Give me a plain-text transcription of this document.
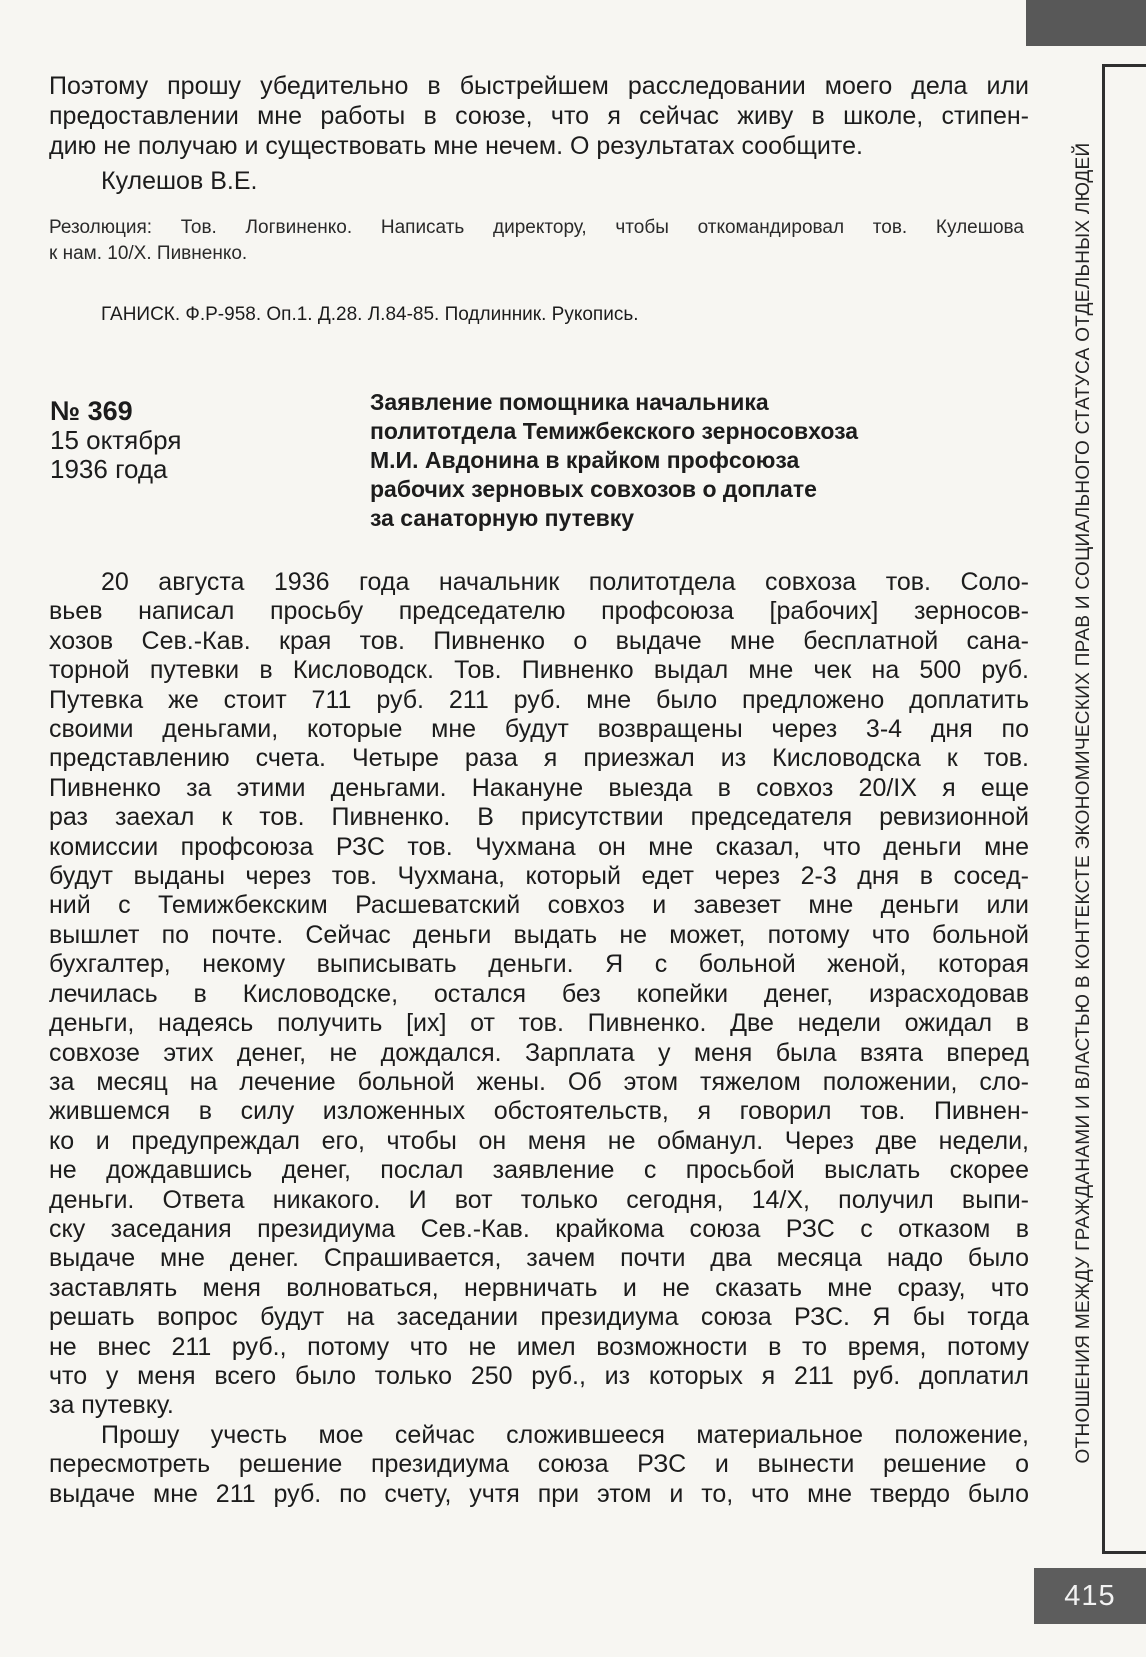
ОТНОШЕНИЯ МЕЖДУ ГРАЖДАНАМИ И ВЛАСТЬЮ В КОНТЕКСТЕ ЭКОНОМИЧЕСКИХ ПРАВ И СОЦИАЛЬНОГО СТАТУСА ОТДЕЛЬНЫХ ЛЮДЕЙ
415
Поэтому прошу убедительно в быстрейшем расследовании моего дела или
предоставлении мне работы в союзе, что я сейчас живу в школе, стипен-
дию не получаю и существовать мне нечем. О результатах сообщите.
Кулешов В.Е.
Резолюция: Тов. Логвиненко. Написать директору, чтобы откомандировал тов. Кулешова
к нам. 10/Х. Пивненко.
ГАНИСК. Ф.Р-958. Оп.1. Д.28. Л.84-85. Подлинник. Рукопись.
№ 369
15 октября
1936 года
Заявление помощника начальника
политотдела Темижбекского зерносовхоза
М.И. Авдонина в крайком профсоюза
рабочих зерновых совхозов о доплате
за санаторную путевку
20 августа 1936 года начальник политотдела совхоза тов. Соло-
вьев написал просьбу председателю профсоюза [рабочих] зерносов-
хозов Сев.-Кав. края тов. Пивненко о выдаче мне бесплатной сана-
торной путевки в Кисловодск. Тов. Пивненко выдал мне чек на 500 руб.
Путевка же стоит 711 руб. 211 руб. мне было предложено доплатить
своими деньгами, которые мне будут возвращены через 3-4 дня по
представлению счета. Четыре раза я приезжал из Кисловодска к тов.
Пивненко за этими деньгами. Накануне выезда в совхоз 20/IX я еще
раз заехал к тов. Пивненко. В присутствии председателя ревизионной
комиссии профсоюза РЗС тов. Чухмана он мне сказал, что деньги мне
будут выданы через тов. Чухмана, который едет через 2-3 дня в сосед-
ний с Темижбекским Расшеватский совхоз и завезет мне деньги или
вышлет по почте. Сейчас деньги выдать не может, потому что больной
бухгалтер, некому выписывать деньги. Я с больной женой, которая
лечилась в Кисловодске, остался без копейки денег, израсходовав
деньги, надеясь получить [их] от тов. Пивненко. Две недели ожидал в
совхозе этих денег, не дождался. Зарплата у меня была взята вперед
за месяц на лечение больной жены. Об этом тяжелом положении, сло-
жившемся в силу изложенных обстоятельств, я говорил тов. Пивнен-
ко и предупреждал его, чтобы он меня не обманул. Через две недели,
не дождавшись денег, послал заявление с просьбой выслать скорее
деньги. Ответа никакого. И вот только сегодня, 14/Х, получил выпи-
ску заседания президиума Сев.-Кав. крайкома союза РЗС с отказом в
выдаче мне денег. Спрашивается, зачем почти два месяца надо было
заставлять меня волноваться, нервничать и не сказать мне сразу, что
решать вопрос будут на заседании президиума союза РЗС. Я бы тогда
не внес 211 руб., потому что не имел возможности в то время, потому
что у меня всего было только 250 руб., из которых я 211 руб. доплатил
за путевку.
Прошу учесть мое сейчас сложившееся материальное положение,
пересмотреть решение президиума союза РЗС и вынести решение о
выдаче мне 211 руб. по счету, учтя при этом и то, что мне твердо было
